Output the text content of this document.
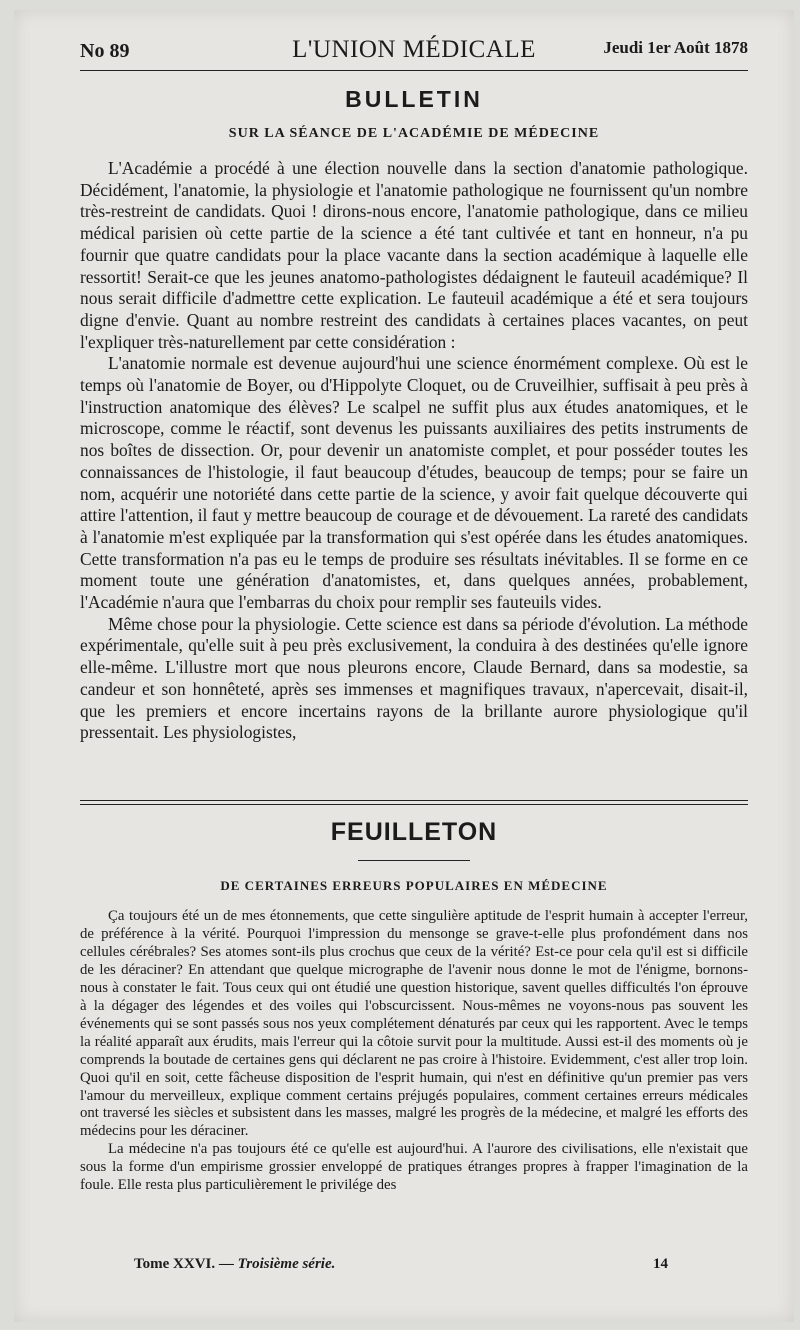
No 89	L'UNION MÉDICALE	Jeudi 1er Août 1878
BULLETIN
SUR LA SÉANCE DE L'ACADÉMIE DE MÉDECINE

L'Académie a procédé à une élection nouvelle dans la section d'anatomie pathologique. Décidément, l'anatomie, la physiologie et l'anatomie pathologique ne fournissent qu'un nombre très-restreint de candidats. Quoi ! dirons-nous encore, l'anatomie pathologique, dans ce milieu médical parisien où cette partie de la science a été tant cultivée et tant en honneur, n'a pu fournir que quatre candidats pour la place vacante dans la section académique à laquelle elle ressortit! Serait-ce que les jeunes anatomo-pathologistes dédaignent le fauteuil académique? Il nous serait difficile d'admettre cette explication. Le fauteuil académique a été et sera toujours digne d'envie. Quant au nombre restreint des candidats à certaines places vacantes, on peut l'expliquer très-naturellement par cette considération :

L'anatomie normale est devenue aujourd'hui une science énormément complexe. Où est le temps où l'anatomie de Boyer, ou d'Hippolyte Cloquet, ou de Cruveilhier, suffisait à peu près à l'instruction anatomique des élèves? Le scalpel ne suffit plus aux études anatomiques, et le microscope, comme le réactif, sont devenus les puissants auxiliaires des petits instruments de nos boîtes de dissection. Or, pour devenir un anatomiste complet, et pour posséder toutes les connaissances de l'histologie, il faut beaucoup d'études, beaucoup de temps; pour se faire un nom, acquérir une notoriété dans cette partie de la science, y avoir fait quelque découverte qui attire l'attention, il faut y mettre beaucoup de courage et de dévouement. La rareté des candidats à l'anatomie m'est expliquée par la transformation qui s'est opérée dans les études anatomiques. Cette transformation n'a pas eu le temps de produire ses résultats inévitables. Il se forme en ce moment toute une génération d'anatomistes, et, dans quelques années, probablement, l'Académie n'aura que l'embarras du choix pour remplir ses fauteuils vides.

Même chose pour la physiologie. Cette science est dans sa période d'évolution. La méthode expérimentale, qu'elle suit à peu près exclusivement, la conduira à des destinées qu'elle ignore elle-même. L'illustre mort que nous pleurons encore, Claude Bernard, dans sa modestie, sa candeur et son honnêteté, après ses immenses et magnifiques travaux, n'apercevait, disait-il, que les premiers et encore incertains rayons de la brillante aurore physiologique qu'il pressentait. Les physiologistes,

FEUILLETON
DE CERTAINES ERREURS POPULAIRES EN MÉDECINE

Ça toujours été un de mes étonnements, que cette singulière aptitude de l'esprit humain à accepter l'erreur, de préférence à la vérité. Pourquoi l'impression du mensonge se grave-t-elle plus profondément dans nos cellules cérébrales? Ses atomes sont-ils plus crochus que ceux de la vérité? Est-ce pour cela qu'il est si difficile de les déraciner? En attendant que quelque micrographe de l'avenir nous donne le mot de l'énigme, bornons-nous à constater le fait. Tous ceux qui ont étudié une question historique, savent quelles difficultés l'on éprouve à la dégager des légendes et des voiles qui l'obscurcissent. Nous-mêmes ne voyons-nous pas souvent les événements qui se sont passés sous nos yeux complétement dénaturés par ceux qui les rapportent. Avec le temps la réalité apparaît aux érudits, mais l'erreur qui la côtoie survit pour la multitude. Aussi est-il des moments où je comprends la boutade de certaines gens qui déclarent ne pas croire à l'histoire. Evidemment, c'est aller trop loin. Quoi qu'il en soit, cette fâcheuse disposition de l'esprit humain, qui n'est en définitive qu'un premier pas vers l'amour du merveilleux, explique comment certains préjugés populaires, comment certaines erreurs médicales ont traversé les siècles et subsistent dans les masses, malgré les progrès de la médecine, et malgré les efforts des médecins pour les déraciner.

La médecine n'a pas toujours été ce qu'elle est aujourd'hui. A l'aurore des civilisations, elle n'existait que sous la forme d'un empirisme grossier enveloppé de pratiques étranges propres à frapper l'imagination de la foule. Elle resta plus particulièrement le privilége des

Tome XXVI. — Troisième série.	14
